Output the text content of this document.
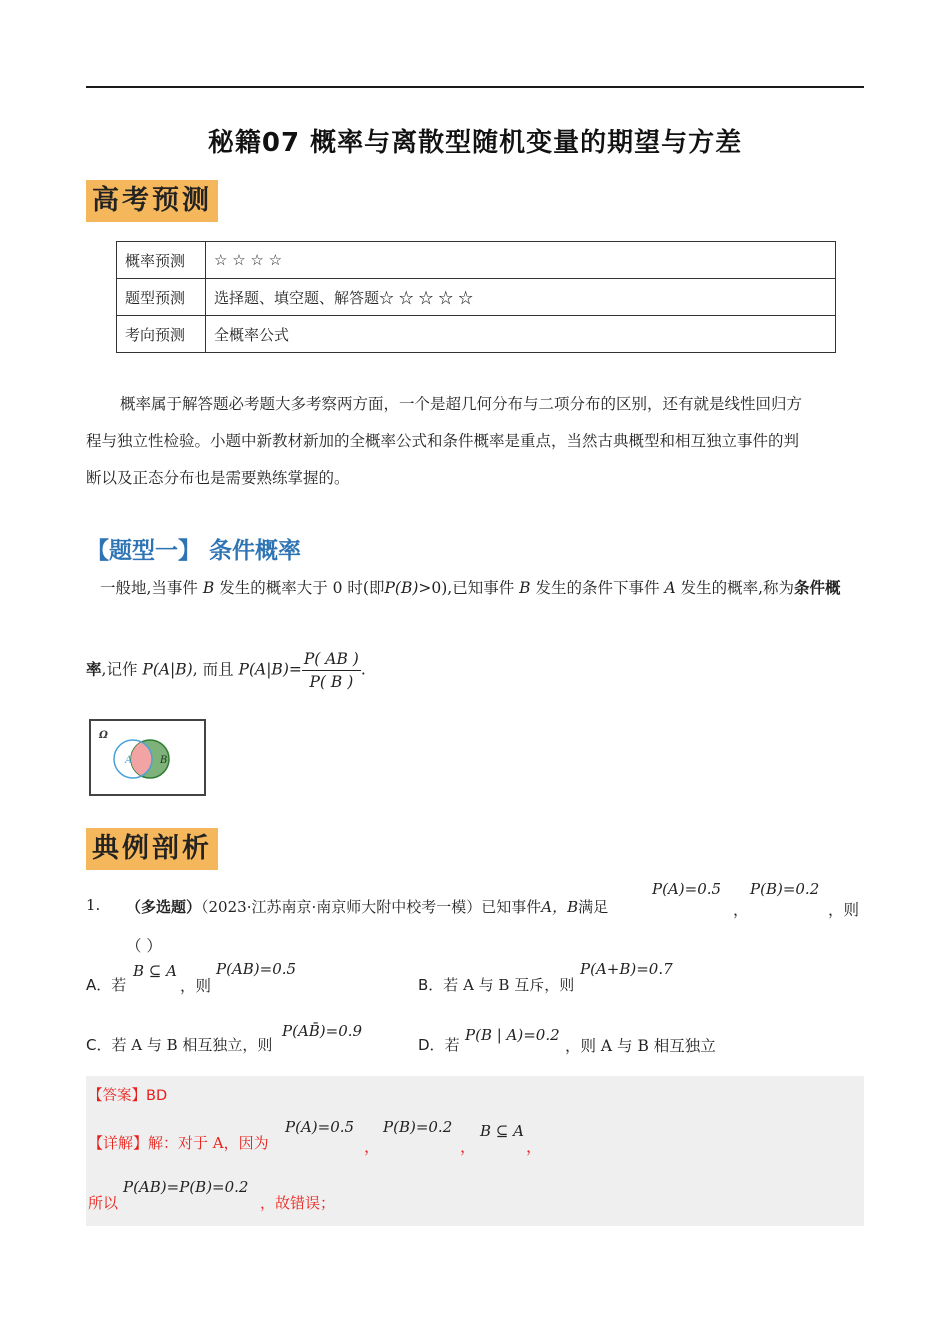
秘籍07 概率与离散型随机变量的期望与方差
高考预测
概率预测	☆ ☆ ☆ ☆
题型预测	选择题、填空题、解答题☆ ☆ ☆ ☆ ☆
考向预测	全概率公式
概率属于解答题必考题大多考察两方面，一个是超几何分布与二项分布的区别，还有就是线性回归方
程与独立性检验。小题中新教材新加的全概率公式和条件概率是重点，当然古典概型和相互独立事件的判
断以及正态分布也是需要熟练掌握的。
【题型一】 条件概率
一般地,当事件 B 发生的概率大于 0 时(即P(B)>0),已知事件 B 发生的条件下事件 A 发生的概率,称为条件概
率,记作 P(A|B), 而且 $P(A|B)= \frac{P( AB )}{P( B )}$ .
Ω
A	B
典例剖析
1. （多选题）（2023·江苏南京·南京师大附中校考一模）已知事件A，B满足
P(A)=0.5
，
P(B)=0.2
，则
（ ）
A．若
B ⊆ A
，则
P(AB)=0.5
B．若 A 与 B 互斥，则
P(A+B)=0.7
C．若 A 与 B 相互独立，则
P(AB̄)=0.9
D．若
P(B | A)=0.2
，则 A 与 B 相互独立
【答案】BD
【详解】解：对于 A，因为
P(A)=0.5
，
P(B)=0.2
，
B ⊆ A
，
所以
P(AB)=P(B)=0.2
，故错误；
